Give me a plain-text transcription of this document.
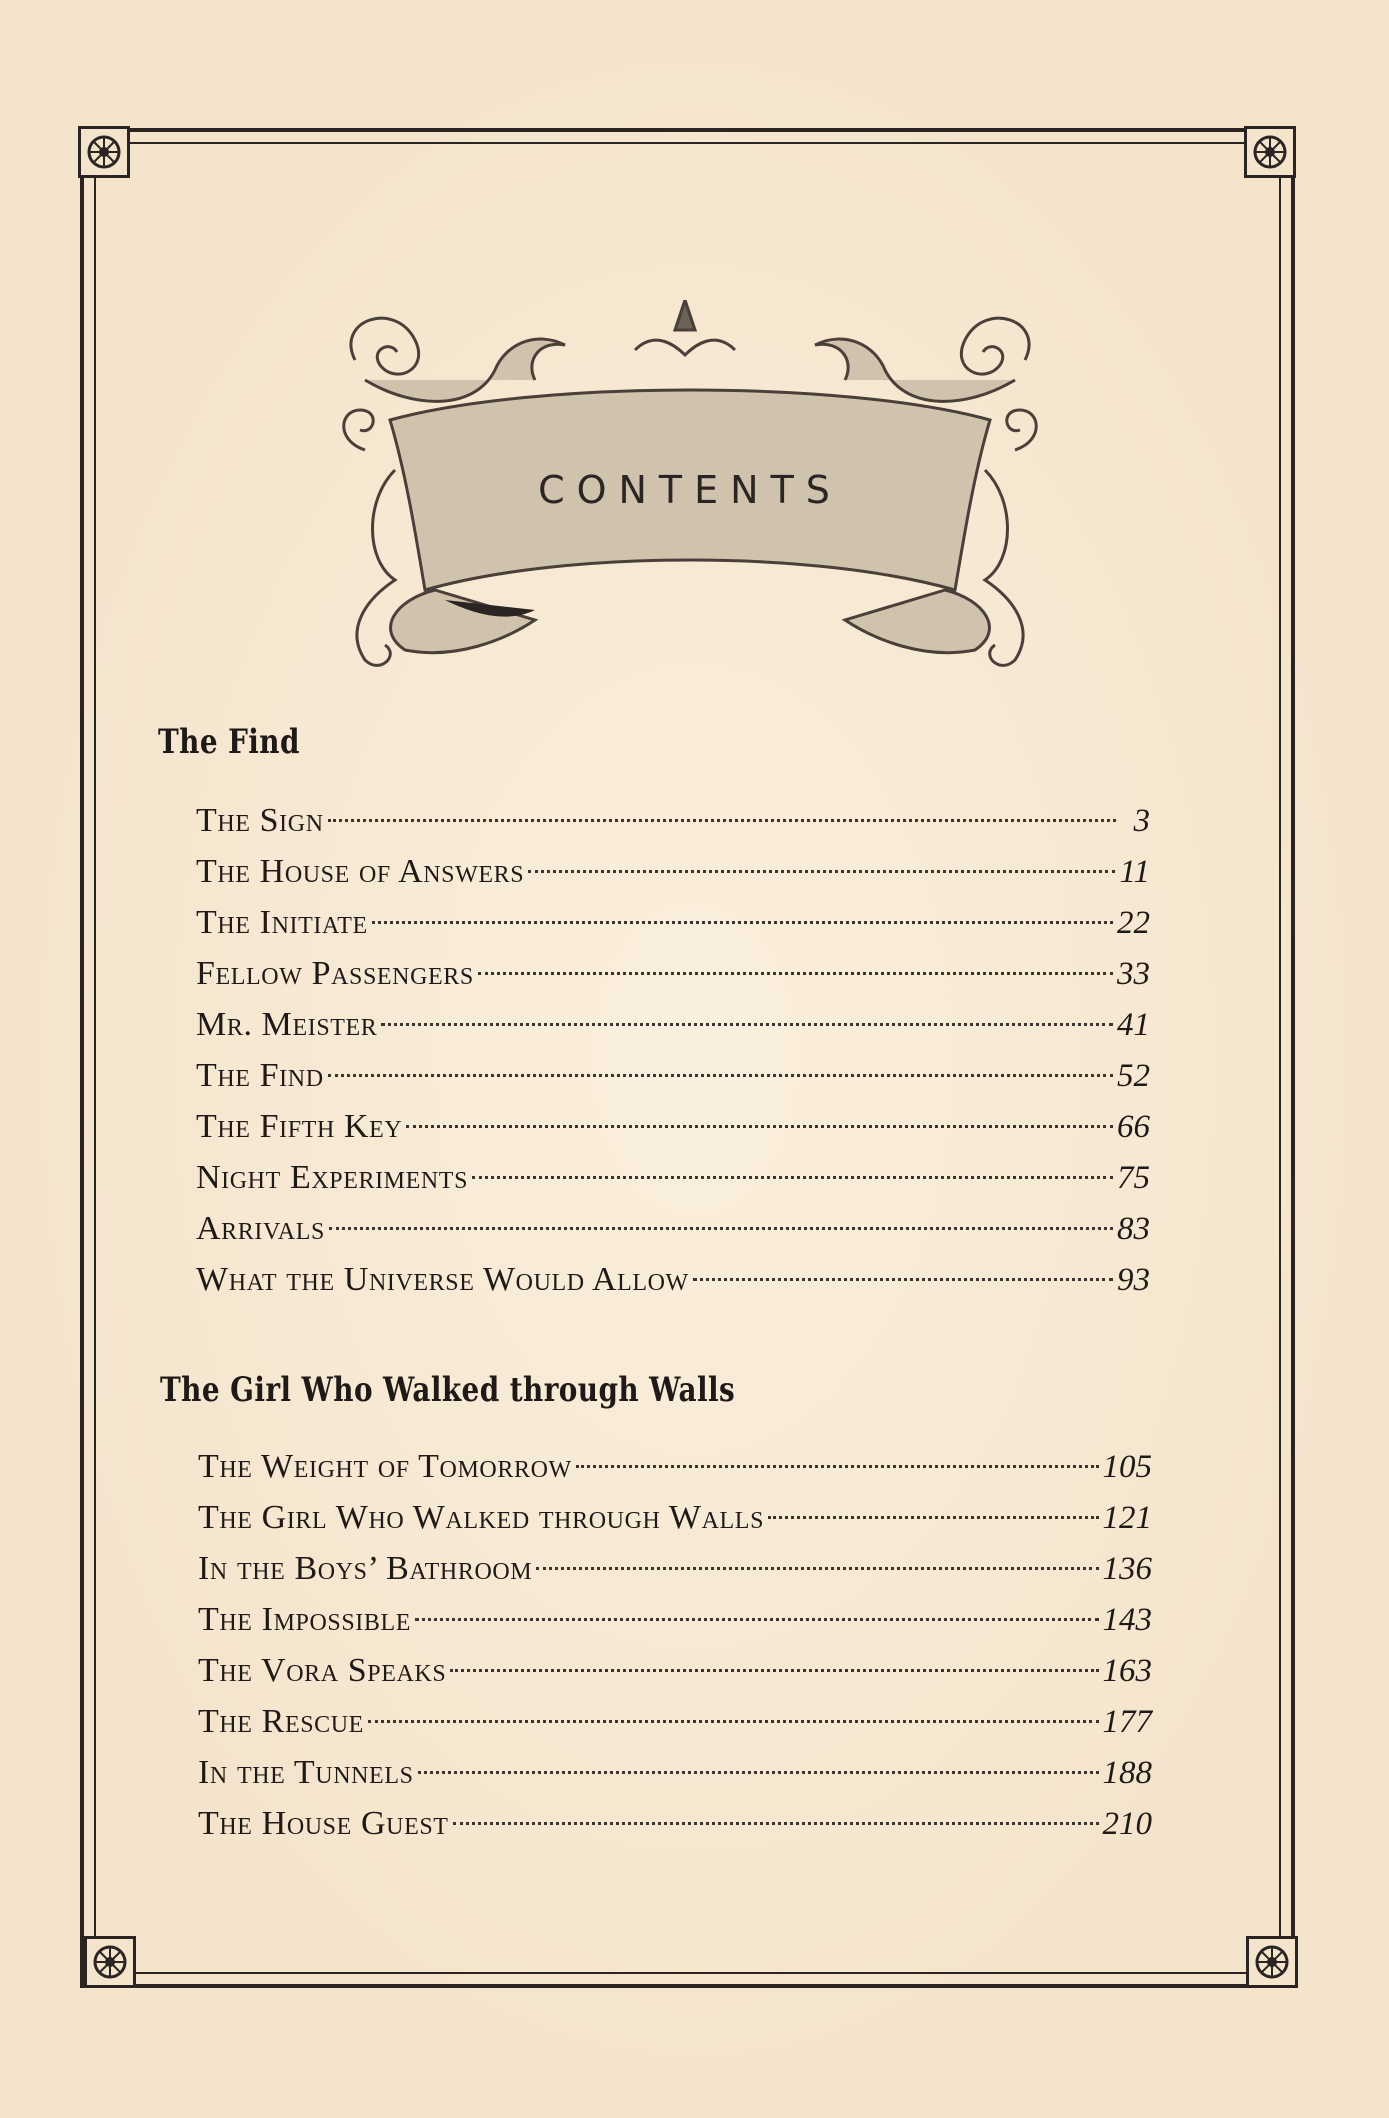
CONTENTS
The Find
The Sign	3
The House of Answers	11
The Initiate	22
Fellow Passengers	33
Mr. Meister	41
The Find	52
The Fifth Key	66
Night Experiments	75
Arrivals	83
What the Universe Would Allow	93
The Girl Who Walked through Walls
The Weight of Tomorrow	105
The Girl Who Walked through Walls	121
In the Boys’ Bathroom	136
The Impossible	143
The Vora Speaks	163
The Rescue	177
In the Tunnels	188
The House Guest	210
